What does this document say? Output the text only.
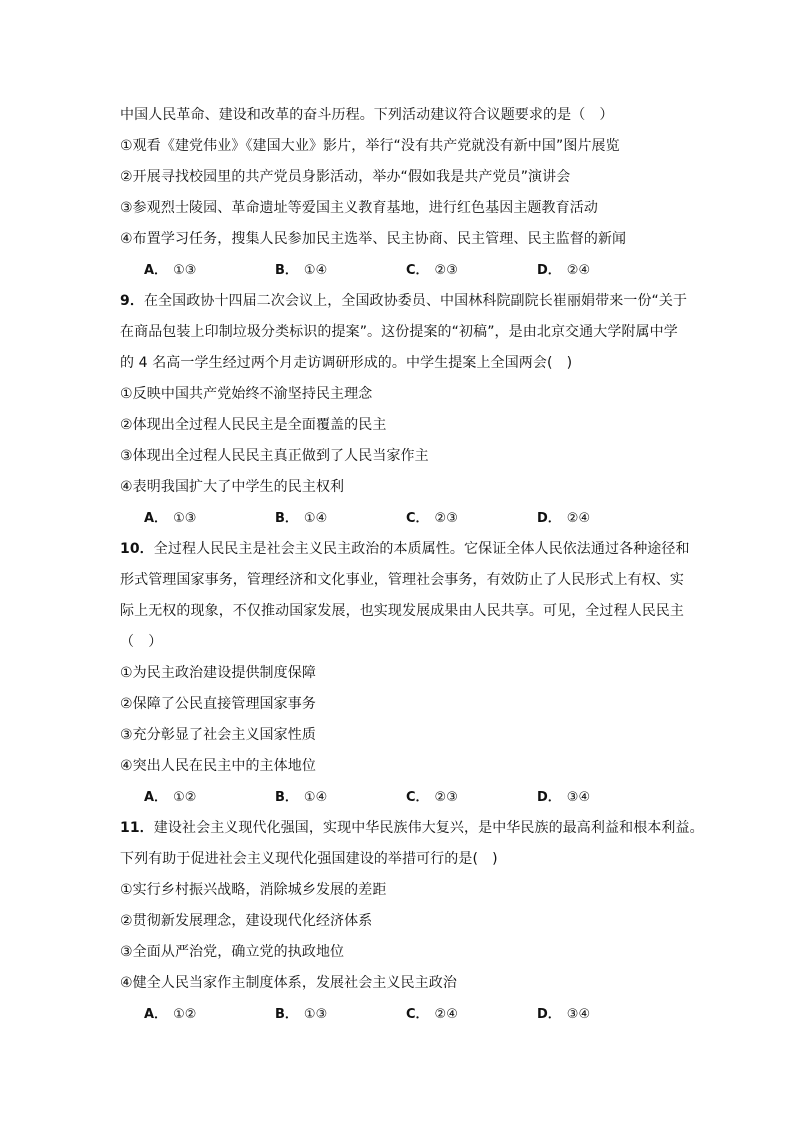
中国人民革命、建设和改革的奋斗历程。下列活动建议符合议题要求的是（　）
①观看《建党伟业》《建国大业》影片，举行“没有共产党就没有新中国”图片展览
②开展寻找校园里的共产党员身影活动，举办“假如我是共产党员”演讲会
③参观烈士陵园、革命遗址等爱国主义教育基地，进行红色基因主题教育活动
④布置学习任务，搜集人民参加民主选举、民主协商、民主管理、民主监督的新闻
A． ①③	B． ①④	C． ②③	D． ②④
9．在全国政协十四届二次会议上，全国政协委员、中国林科院副院长崔丽娟带来一份“关于
在商品包装上印制垃圾分类标识的提案”。这份提案的“初稿”，是由北京交通大学附属中学
的 4 名高一学生经过两个月走访调研形成的。中学生提案上全国两会(　)
①反映中国共产党始终不渝坚持民主理念
②体现出全过程人民民主是全面覆盖的民主
③体现出全过程人民民主真正做到了人民当家作主
④表明我国扩大了中学生的民主权利
A． ①③	B． ①④	C． ②③	D． ②④
10．全过程人民民主是社会主义民主政治的本质属性。它保证全体人民依法通过各种途径和
形式管理国家事务，管理经济和文化事业，管理社会事务，有效防止了人民形式上有权、实
际上无权的现象，不仅推动国家发展，也实现发展成果由人民共享。可见，全过程人民民主
（　）
①为民主政治建设提供制度保障
②保障了公民直接管理国家事务
③充分彰显了社会主义国家性质
④突出人民在民主中的主体地位
A． ①②	B． ①④	C． ②③	D． ③④
11．建设社会主义现代化强国，实现中华民族伟大复兴，是中华民族的最高利益和根本利益。
下列有助于促进社会主义现代化强国建设的举措可行的是(　)
①实行乡村振兴战略，消除城乡发展的差距
②贯彻新发展理念，建设现代化经济体系
③全面从严治党，确立党的执政地位
④健全人民当家作主制度体系，发展社会主义民主政治
A． ①②	B． ①③	C． ②④	D． ③④
